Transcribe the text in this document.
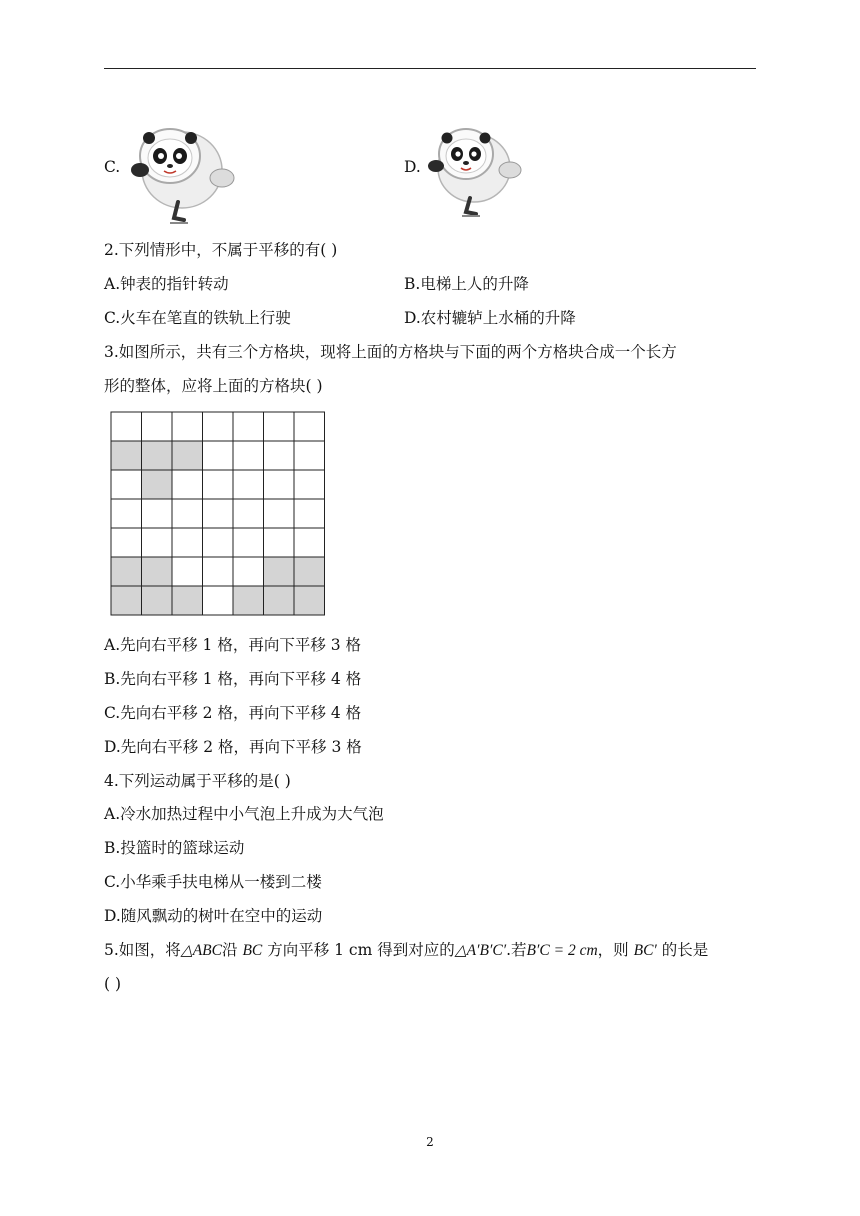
C.	D.
2.下列情形中，不属于平移的有( )
A.钟表的指针转动	B.电梯上人的升降
C.火车在笔直的铁轨上行驶	D.农村辘轳上水桶的升降
3.如图所示，共有三个方格块，现将上面的方格块与下面的两个方格块合成一个长方
形的整体，应将上面的方格块( )
A.先向右平移 1 格，再向下平移 3 格
B.先向右平移 1 格，再向下平移 4 格
C.先向右平移 2 格，再向下平移 4 格
D.先向右平移 2 格，再向下平移 3 格
4.下列运动属于平移的是( )
A.冷水加热过程中小气泡上升成为大气泡
B.投篮时的篮球运动
C.小华乘手扶电梯从一楼到二楼
D.随风飘动的树叶在空中的运动
5.如图，将△ABC沿 BC 方向平移 1 cm 得到对应的△A′B′C′.若B′C = 2 cm，则 BC′ 的长是
( )
2
